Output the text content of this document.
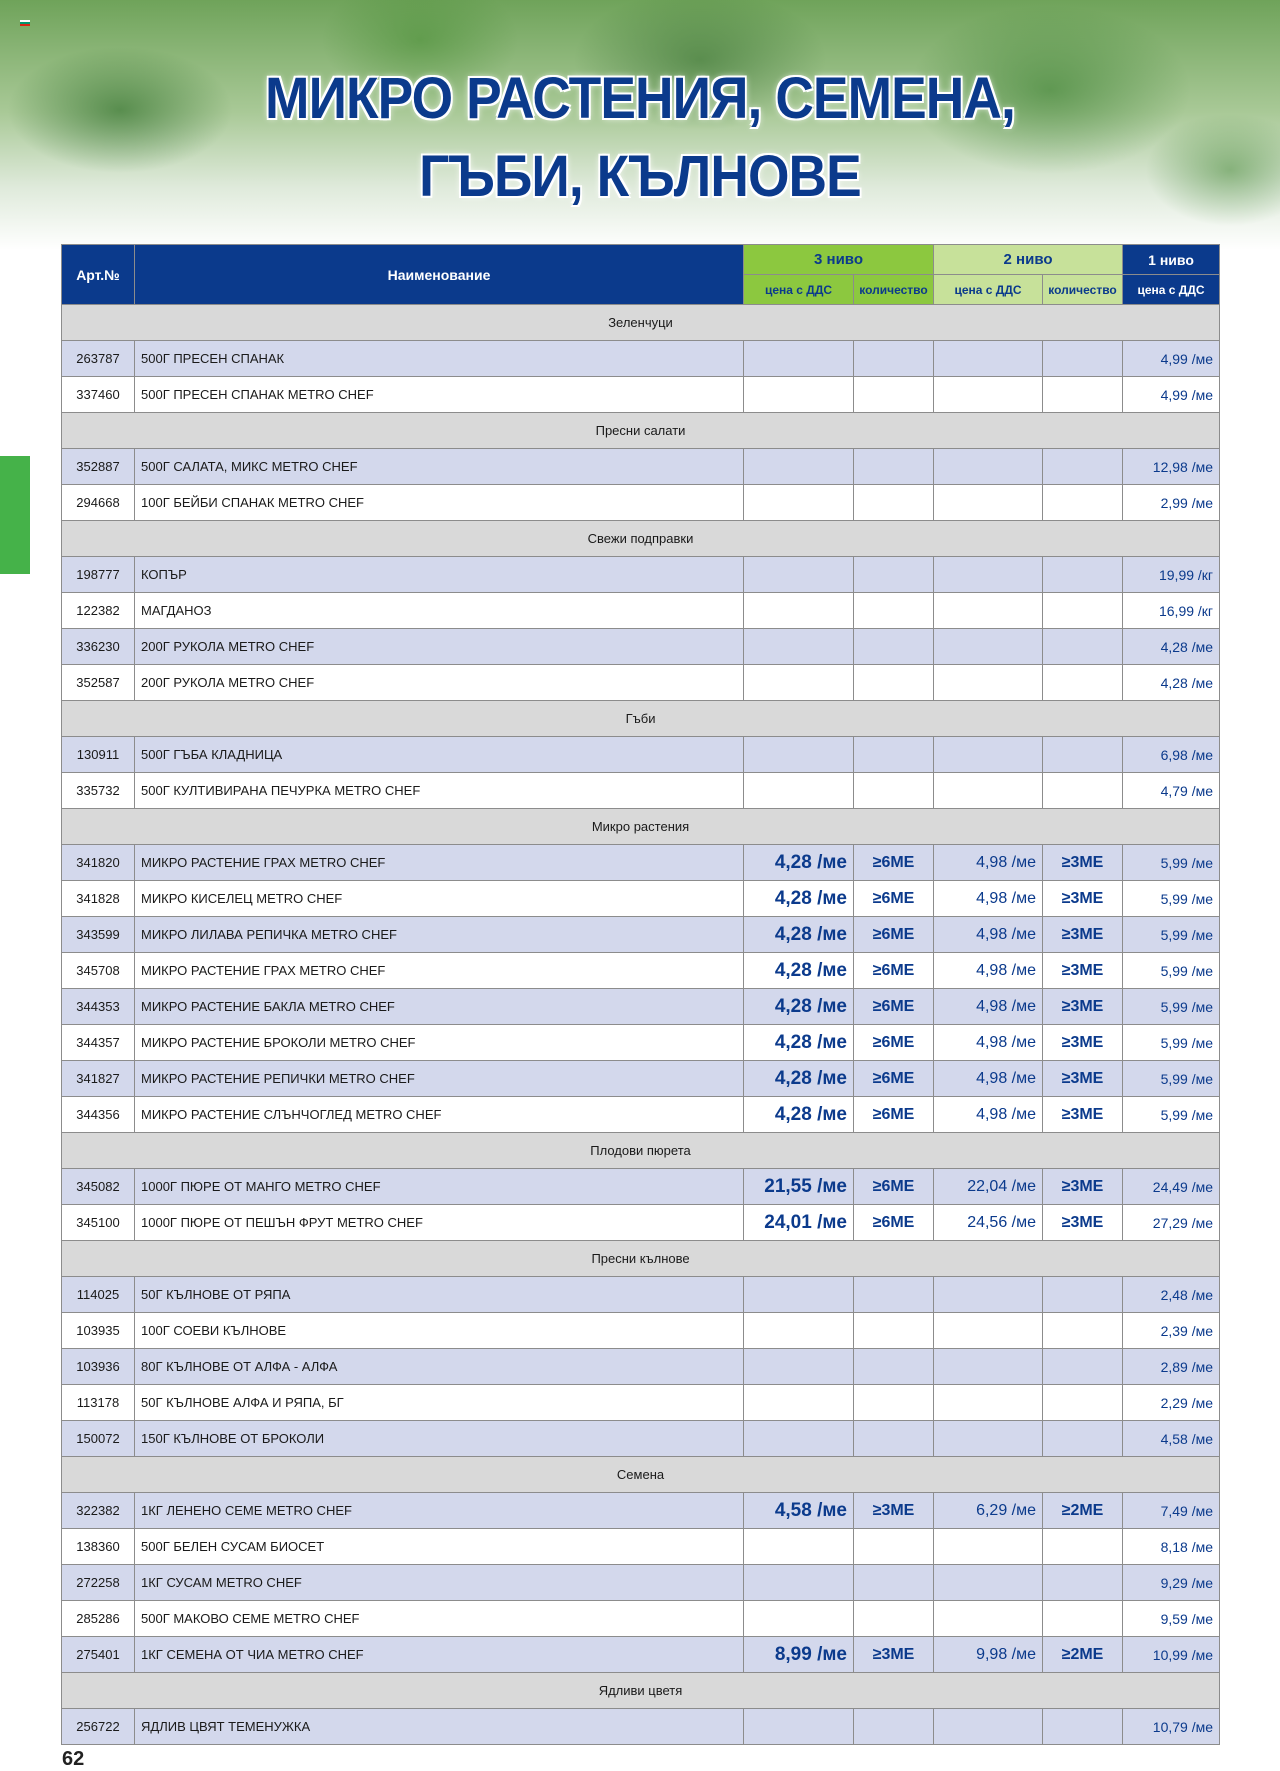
МИКРО РАСТЕНИЯ, СЕМЕНА,
ГЪБИ, КЪЛНОВЕ
Арт.№	Наименование	3 ниво		2 ниво		1 ниво
		цена с ДДС	количество	цена с ДДС	количество	цена с ДДС
Зеленчуци						
263787	500Г ПРЕСЕН СПАНАК					4,99 /ме
337460	500Г ПРЕСЕН СПАНАК METRO CHEF					4,99 /ме
Пресни салати						
352887	500Г САЛАТА, МИКС METRO CHEF					12,98 /ме
294668	100Г БЕЙБИ СПАНАК METRO CHEF					2,99 /ме
Свежи подправки						
198777	КОПЪР					19,99 /кг
122382	МАГДАНОЗ					16,99 /кг
336230	200Г РУКОЛА METRO CHEF					4,28 /ме
352587	200Г РУКОЛА METRO CHEF					4,28 /ме
Гъби						
130911	500Г ГЪБА КЛАДНИЦА					6,98 /ме
335732	500Г КУЛТИВИРАНА ПЕЧУРКА METRO CHEF					4,79 /ме
Микро растения						
341820	МИКРО РАСТЕНИЕ ГРАХ METRO CHEF	4,28 /ме	≥6МЕ	4,98 /ме	≥3МЕ	5,99 /ме
341828	МИКРО КИСЕЛЕЦ METRO CHEF	4,28 /ме	≥6МЕ	4,98 /ме	≥3МЕ	5,99 /ме
343599	МИКРО ЛИЛАВА РЕПИЧКА METRO CHEF	4,28 /ме	≥6МЕ	4,98 /ме	≥3МЕ	5,99 /ме
345708	МИКРО РАСТЕНИЕ ГРАХ METRO CHEF	4,28 /ме	≥6МЕ	4,98 /ме	≥3МЕ	5,99 /ме
344353	МИКРО РАСТЕНИЕ БАКЛА METRO CHEF	4,28 /ме	≥6МЕ	4,98 /ме	≥3МЕ	5,99 /ме
344357	МИКРО РАСТЕНИЕ БРОКОЛИ METRO CHEF	4,28 /ме	≥6МЕ	4,98 /ме	≥3МЕ	5,99 /ме
341827	МИКРО РАСТЕНИЕ РЕПИЧКИ METRO CHEF	4,28 /ме	≥6МЕ	4,98 /ме	≥3МЕ	5,99 /ме
344356	МИКРО РАСТЕНИЕ СЛЪНЧОГЛЕД METRO CHEF	4,28 /ме	≥6МЕ	4,98 /ме	≥3МЕ	5,99 /ме
Плодови пюрета						
345082	1000Г ПЮРЕ ОТ МАНГО METRO CHEF	21,55 /ме	≥6МЕ	22,04 /ме	≥3МЕ	24,49 /ме
345100	1000Г ПЮРЕ ОТ ПЕШЪН ФРУТ METRO CHEF	24,01 /ме	≥6МЕ	24,56 /ме	≥3МЕ	27,29 /ме
Пресни кълнове						
114025	50Г КЪЛНОВЕ ОТ РЯПА					2,48 /ме
103935	100Г СОЕВИ КЪЛНОВЕ					2,39 /ме
103936	80Г КЪЛНОВЕ ОТ АЛФА - АЛФА					2,89 /ме
113178	50Г КЪЛНОВЕ АЛФА И РЯПА, БГ					2,29 /ме
150072	150Г КЪЛНОВЕ ОТ БРОКОЛИ					4,58 /ме
Семена						
322382	1КГ ЛЕНЕНО СЕМЕ METRO CHEF	4,58 /ме	≥3МЕ	6,29 /ме	≥2МЕ	7,49 /ме
138360	500Г БЕЛЕН СУСАМ БИОСЕТ					8,18 /ме
272258	1КГ СУСАМ METRO CHEF					9,29 /ме
285286	500Г МАКОВО СЕМЕ METRO CHEF					9,59 /ме
275401	1КГ СЕМЕНА ОТ ЧИА METRO CHEF	8,99 /ме	≥3МЕ	9,98 /ме	≥2МЕ	10,99 /ме
Ядливи цветя						
256722	ЯДЛИВ ЦВЯТ ТЕМЕНУЖКА					10,79 /ме
62
